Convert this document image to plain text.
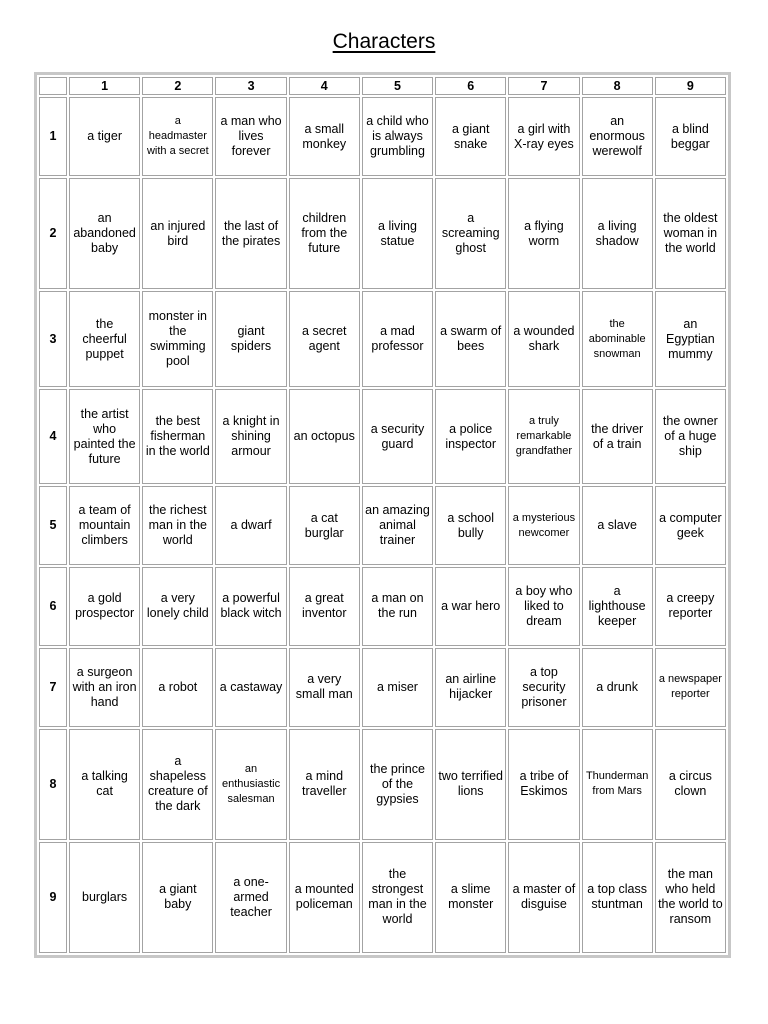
Characters
	1	2	3	4	5	6	7	8	9
1	a tiger	a headmaster with a secret	a man who lives forever	a small monkey	a child who is always grumbling	a giant snake	a girl with X-ray eyes	an enormous werewolf	a blind beggar
2	an abandoned baby	an injured bird	the last of the pirates	children from the future	a living statue	a screaming ghost	a flying worm	a living shadow	the oldest woman in the world
3	the cheerful puppet	monster in the swimming pool	giant spiders	a secret agent	a mad professor	a swarm of bees	a wounded shark	the abominable snowman	an Egyptian mummy
4	the artist who painted the future	the best fisherman in the world	a knight in shining armour	an octopus	a security guard	a police inspector	a truly remarkable grandfather	the driver of a train	the owner of a huge ship
5	a team of mountain climbers	the richest man in the world	a dwarf	a cat burglar	an amazing animal trainer	a school bully	a mysterious newcomer	a slave	a computer geek
6	a gold prospector	a very lonely child	a powerful black witch	a great inventor	a man on the run	a war hero	a boy who liked to dream	a lighthouse keeper	a creepy reporter
7	a surgeon with an iron hand	a robot	a castaway	a very small man	a miser	an airline hijacker	a top security prisoner	a drunk	a newspaper reporter
8	a talking cat	a shapeless creature of the dark	an enthusiastic salesman	a mind traveller	the prince of the gypsies	two terrified lions	a tribe of Eskimos	Thunderman from Mars	a circus clown
9	burglars	a giant baby	a one-armed teacher	a mounted policeman	the strongest man in the world	a slime monster	a master of disguise	a top class stuntman	the man who held the world to ransom
